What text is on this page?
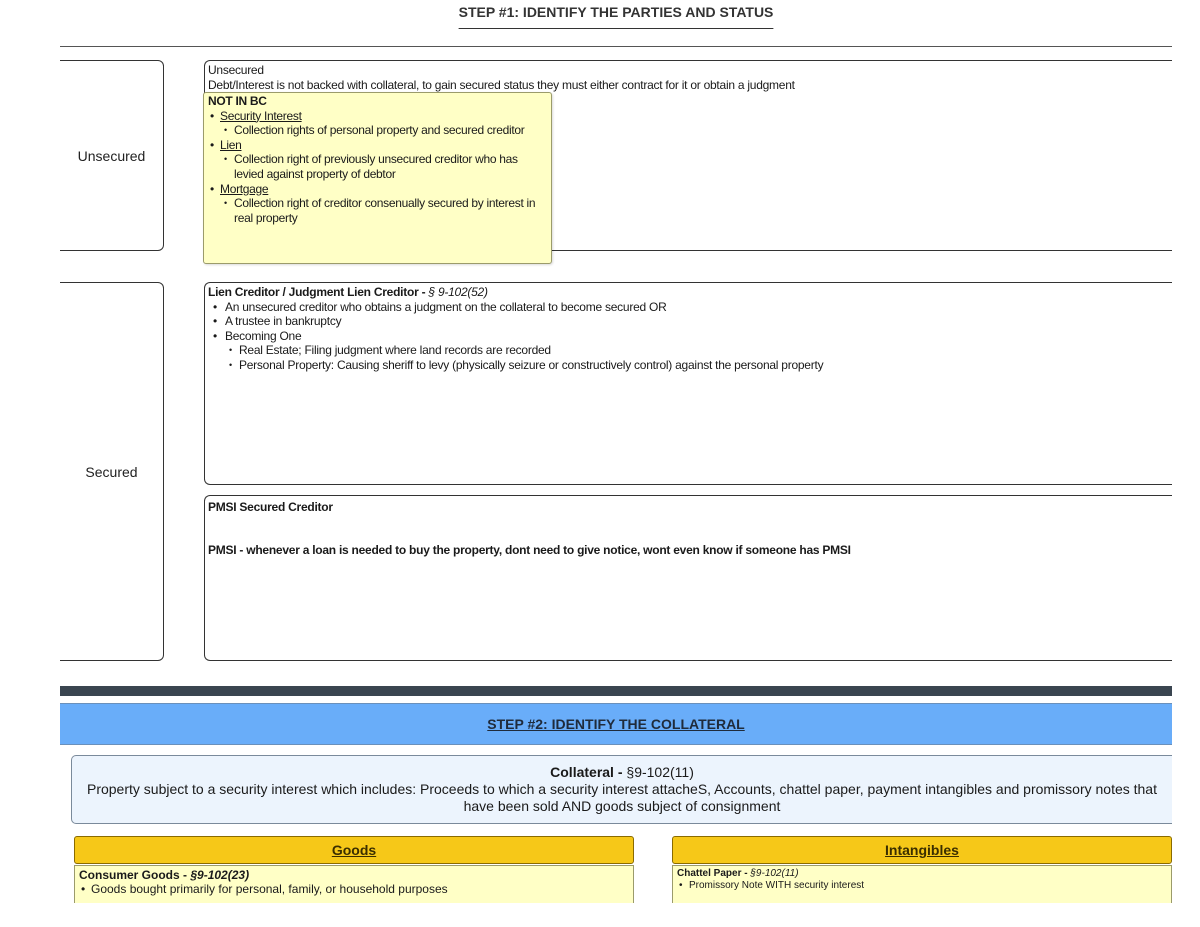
STEP #1: IDENTIFY THE PARTIES AND STATUS
Unsecured
Unsecured
Debt/Interest is not backed with collateral, to gain secured status they must either contract for it or obtain a judgment
NOT IN BC
• Security Interest
• Collection rights of personal property and secured creditor
• Lien
• Collection right of previously unsecured creditor who has levied against property of debtor
• Mortgage
• Collection right of creditor consenually secured by interest in real property
Secured
Lien Creditor / Judgment Lien Creditor - § 9-102(52)
• An unsecured creditor who obtains a judgment on the collateral to become secured OR
• A trustee in bankruptcy
• Becoming One
• Real Estate; Filing judgment where land records are recorded
• Personal Property: Causing sheriff to levy (physically seizure or constructively control) against the personal property
PMSI Secured Creditor
PMSI - whenever a loan is needed to buy the property, dont need to give notice, wont even know if someone has PMSI
STEP #2: IDENTIFY THE COLLATERAL
Collateral - §9-102(11)
Property subject to a security interest which includes: Proceeds to which a security interest attacheS, Accounts, chattel paper, payment intangibles and promissory notes that have been sold AND goods subject of consignment
Goods
Consumer Goods - §9-102(23)
• Goods bought primarily for personal, family, or household purposes
Intangibles
Chattel Paper - §9-102(11)
• Promissory Note WITH security interest
